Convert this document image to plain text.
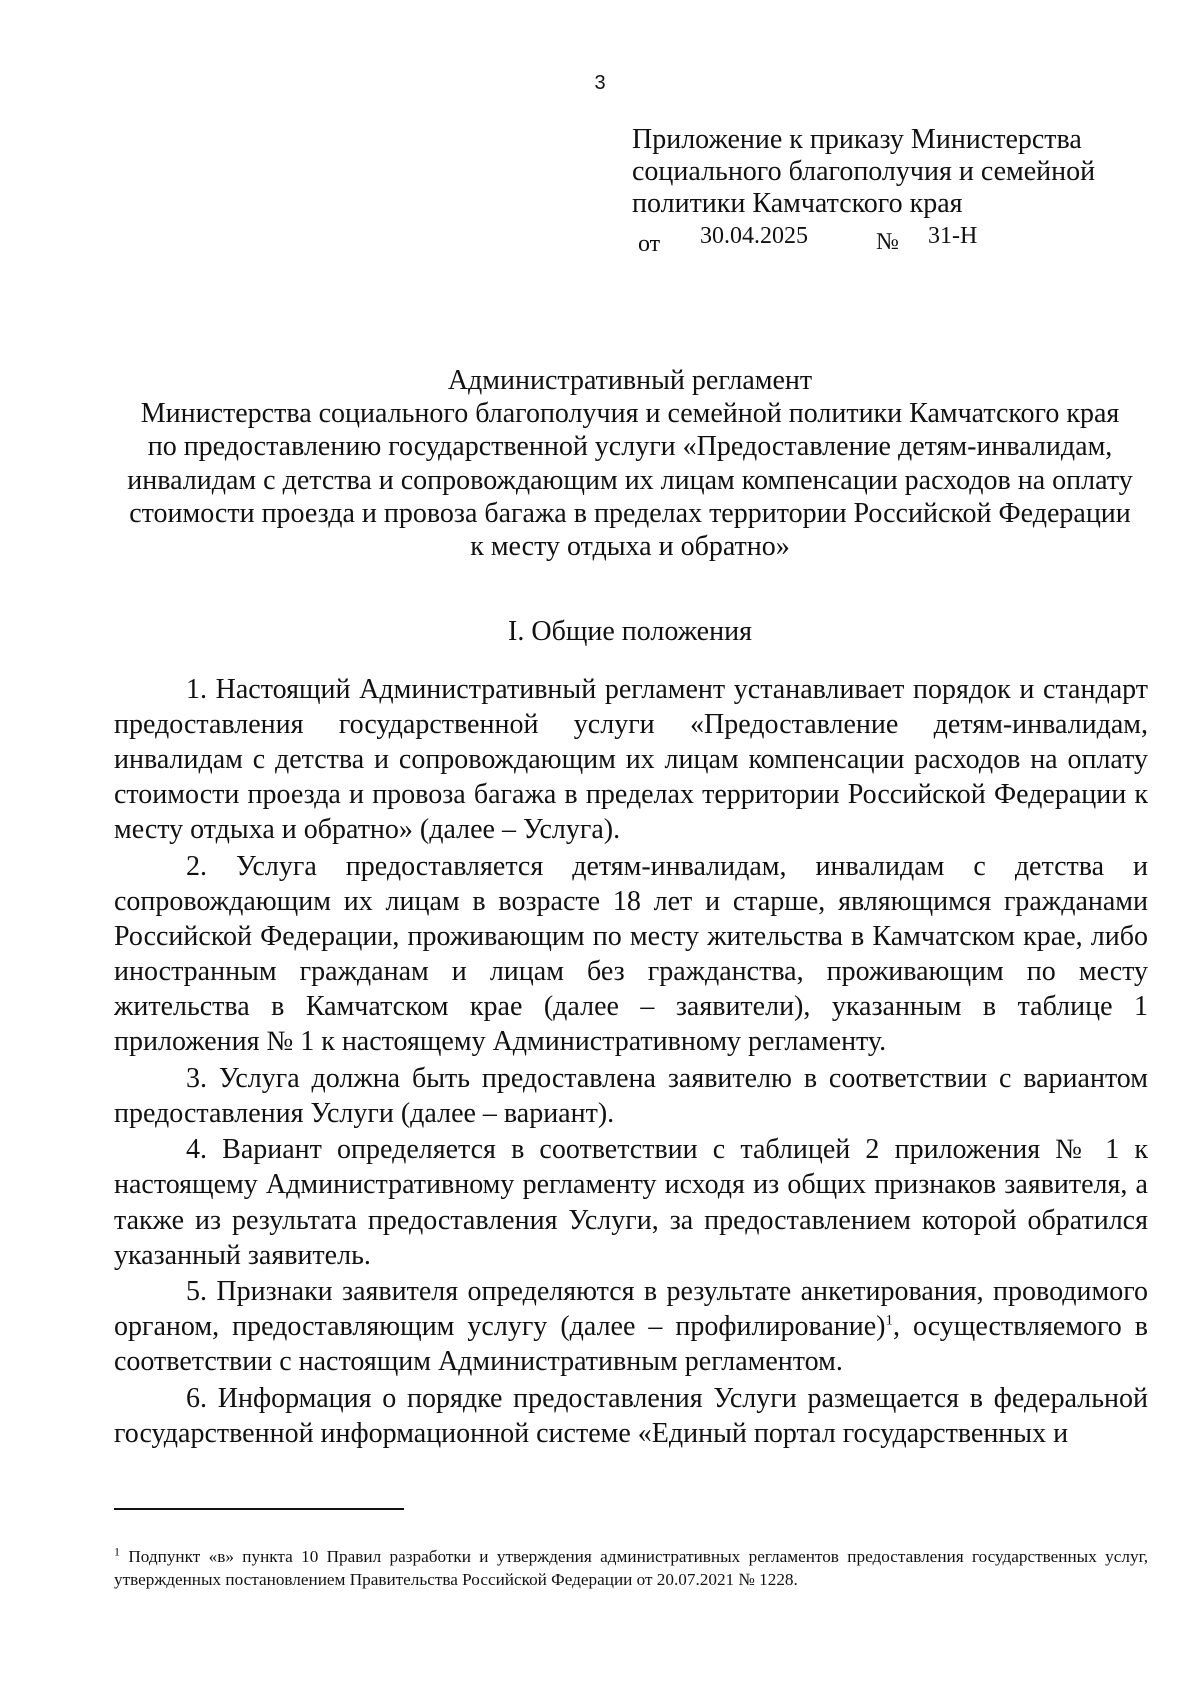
3
Приложение к приказу Министерства
социального благополучия и семейной
политики Камчатского края
от 30.04.2025	№ 31-Н
Административный регламент
Министерства социального благополучия и семейной политики Камчатского края
по предоставлению государственной услуги «Предоставление детям-инвалидам,
инвалидам с детства и сопровождающим их лицам компенсации расходов на оплату
стоимости проезда и провоза багажа в пределах территории Российской Федерации
к месту отдыха и обратно»
I. Общие положения

1. Настоящий Административный регламент устанавливает порядок и стандарт предоставления государственной услуги «Предоставление детям-инвалидам, инвалидам с детства и сопровождающим их лицам компенсации расходов на оплату стоимости проезда и провоза багажа в пределах территории Российской Федерации к месту отдыха и обратно» (далее – Услуга).

2. Услуга предоставляется детям-инвалидам, инвалидам с детства и сопровождающим их лицам в возрасте 18 лет и старше, являющимся гражданами Российской Федерации, проживающим по месту жительства в Камчатском крае, либо иностранным гражданам и лицам без гражданства, проживающим по месту жительства в Камчатском крае (далее – заявители), указанным в таблице 1 приложения № 1 к настоящему Административному регламенту.

3. Услуга должна быть предоставлена заявителю в соответствии с вариантом предоставления Услуги (далее – вариант).

4. Вариант определяется в соответствии с таблицей 2 приложения № 1 к настоящему Административному регламенту исходя из общих признаков заявителя, а также из результата предоставления Услуги, за предоставлением которой обратился указанный заявитель.

5. Признаки заявителя определяются в результате анкетирования, проводимого органом, предоставляющим услугу (далее – профилирование)$^1$, осуществляемого в соответствии с настоящим Административным регламентом.

6. Информация о порядке предоставления Услуги размещается в федеральной государственной информационной системе «Единый портал государственных и

$^1$ Подпункт «в» пункта 10 Правил разработки и утверждения административных регламентов предоставления государственных услуг, утвержденных постановлением Правительства Российской Федерации от 20.07.2021 № 1228.
